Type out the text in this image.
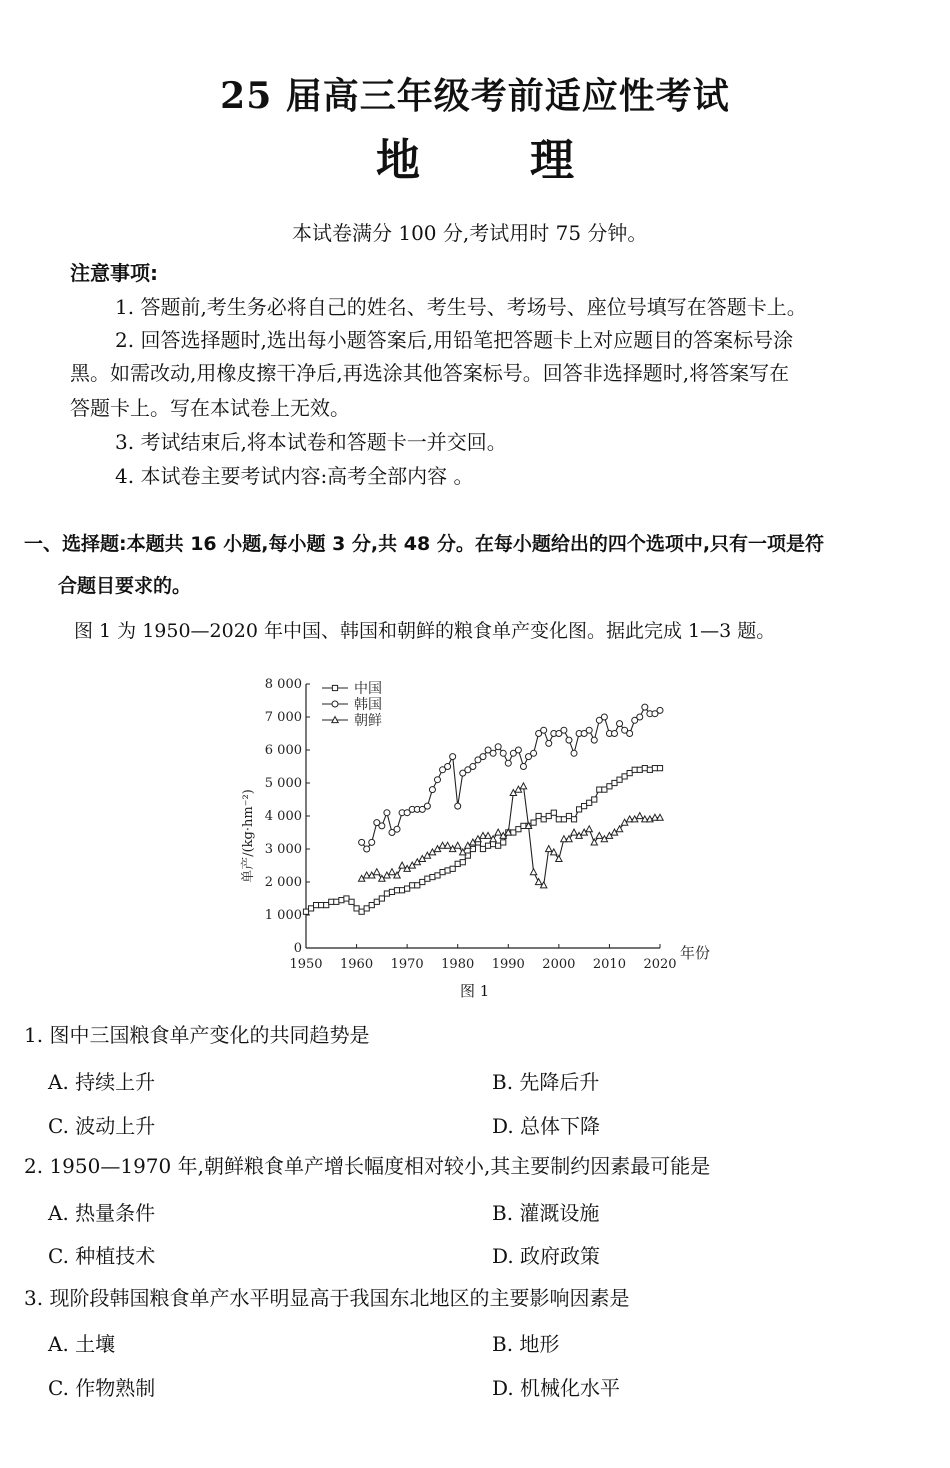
25 届高三年级考前适应性考试
地	理
本试卷满分 100 分,考试用时 75 分钟。
注意事项:
1. 答题前,考生务必将自己的姓名、考生号、考场号、座位号填写在答题卡上。
2. 回答选择题时,选出每小题答案后,用铅笔把答题卡上对应题目的答案标号涂
黑。如需改动,用橡皮擦干净后,再选涂其他答案标号。回答非选择题时,将答案写在
答题卡上。写在本试卷上无效。
3. 考试结束后,将本试卷和答题卡一并交回。
4. 本试卷主要考试内容:高考全部内容 。
一、选择题:本题共 16 小题,每小题 3 分,共 48 分。在每小题给出的四个选项中,只有一项是符
合题目要求的。
图 1 为 1950—2020 年中国、韩国和朝鲜的粮食单产变化图。据此完成 1—3 题。
0
1 000
2 000
3 000
4 000
5 000
6 000
7 000
8 000
1950 1960 1970 1980 1990 2000 2010 2020
年份
单产/(kg·hm⁻²)
中国
韩国
朝鲜
图 1
1. 图中三国粮食单产变化的共同趋势是
A. 持续上升	B. 先降后升
C. 波动上升	D. 总体下降
2. 1950—1970 年,朝鲜粮食单产增长幅度相对较小,其主要制约因素最可能是
A. 热量条件	B. 灌溉设施
C. 种植技术	D. 政府政策
3. 现阶段韩国粮食单产水平明显高于我国东北地区的主要影响因素是
A. 土壤	B. 地形
C. 作物熟制	D. 机械化水平
